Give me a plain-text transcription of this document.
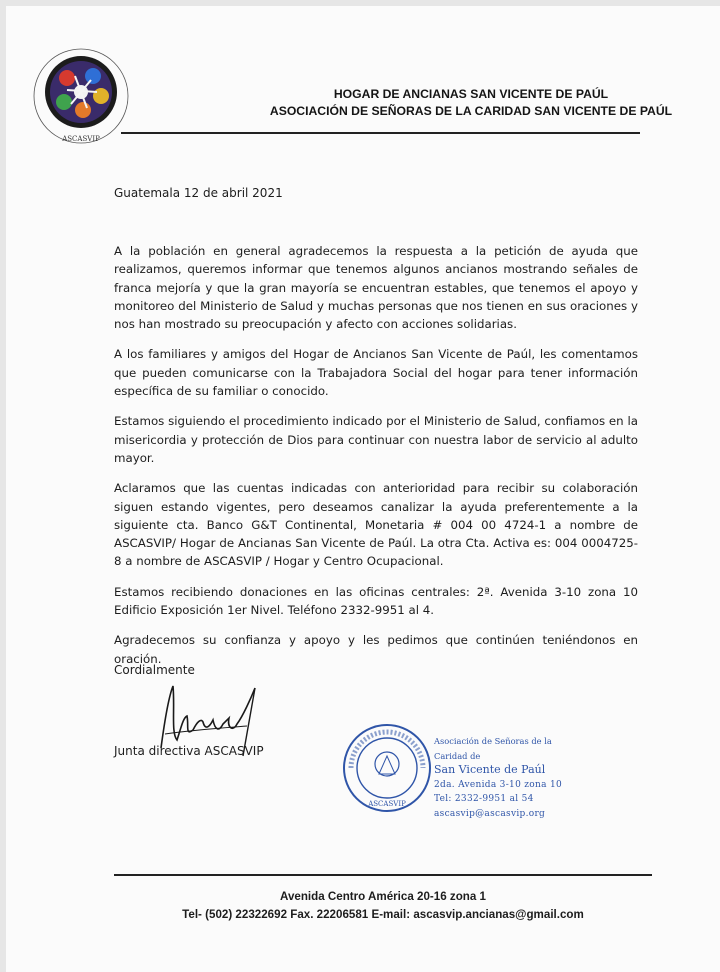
ASCASVIP
HOGAR DE ANCIANAS SAN VICENTE DE PAÚL
ASOCIACIÓN DE SEÑORAS DE LA CARIDAD SAN VICENTE DE PAÚL
Guatemala 12 de abril 2021

A la población en general agradecemos la respuesta a la petición de ayuda que realizamos, queremos informar que tenemos algunos ancianos mostrando señales de franca mejoría y que la gran mayoría se encuentran estables, que tenemos el apoyo y monitoreo del Ministerio de Salud y muchas personas que nos tienen en sus oraciones y nos han mostrado su preocupación y afecto con acciones solidarias.

A los familiares y amigos del Hogar de Ancianos San Vicente de Paúl, les comentamos que pueden comunicarse con la Trabajadora Social del hogar para tener información específica de su familiar o conocido.

Estamos siguiendo el procedimiento indicado por el Ministerio de Salud, confiamos en la misericordia y protección de Dios para continuar con nuestra labor de servicio al adulto mayor.

Aclaramos que las cuentas indicadas con anterioridad para recibir su colaboración siguen estando vigentes, pero deseamos canalizar la ayuda preferentemente a la siguiente cta. Banco G&T Continental, Monetaria # 004 00 4724-1 a nombre de ASCASVIP/ Hogar de Ancianas San Vicente de Paúl. La otra Cta. Activa es: 004 0004725-8 a nombre de ASCASVIP / Hogar y Centro Ocupacional.

Estamos recibiendo donaciones en las oficinas centrales: 2ª. Avenida 3-10 zona 10 Edificio Exposición 1er Nivel. Teléfono 2332-9951 al 4.

Agradecemos su confianza y apoyo y les pedimos que continúen teniéndonos en oración.

Cordialmente
Junta directiva ASCASVIP
ASCASVIP
Asociación de Señoras de la Caridad de
San Vicente de Paúl
2da. Avenida 3-10 zona 10
Tel: 2332-9951 al 54
ascasvip@ascasvip.org
Avenida Centro América 20-16 zona 1
Tel- (502) 22322692 Fax. 22206581 E-mail: ascasvip.ancianas@gmail.com
